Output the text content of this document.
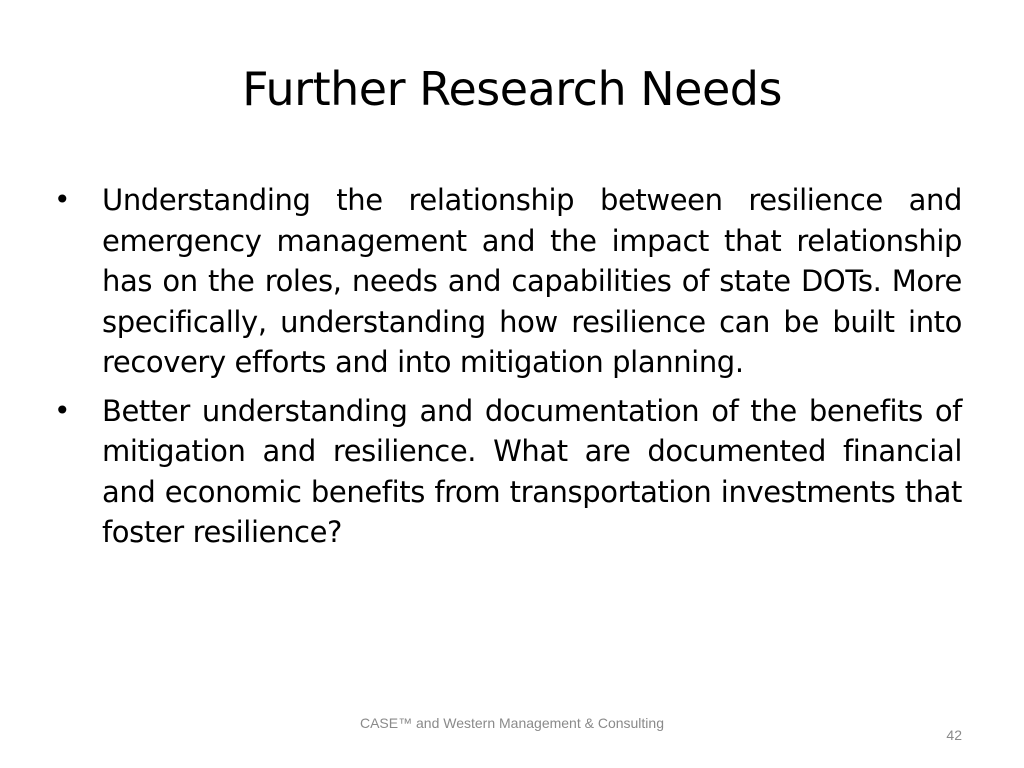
Further Research Needs
• Understanding the relationship between resilience and emergency management and the impact that relationship has on the roles, needs and capabilities of state DOTs. More specifically, understanding how resilience can be built into recovery efforts and into mitigation planning.
• Better understanding and documentation of the benefits of mitigation and resilience. What are documented financial and economic benefits from transportation investments that foster resilience?
CASE™ and Western Management & Consulting
42
